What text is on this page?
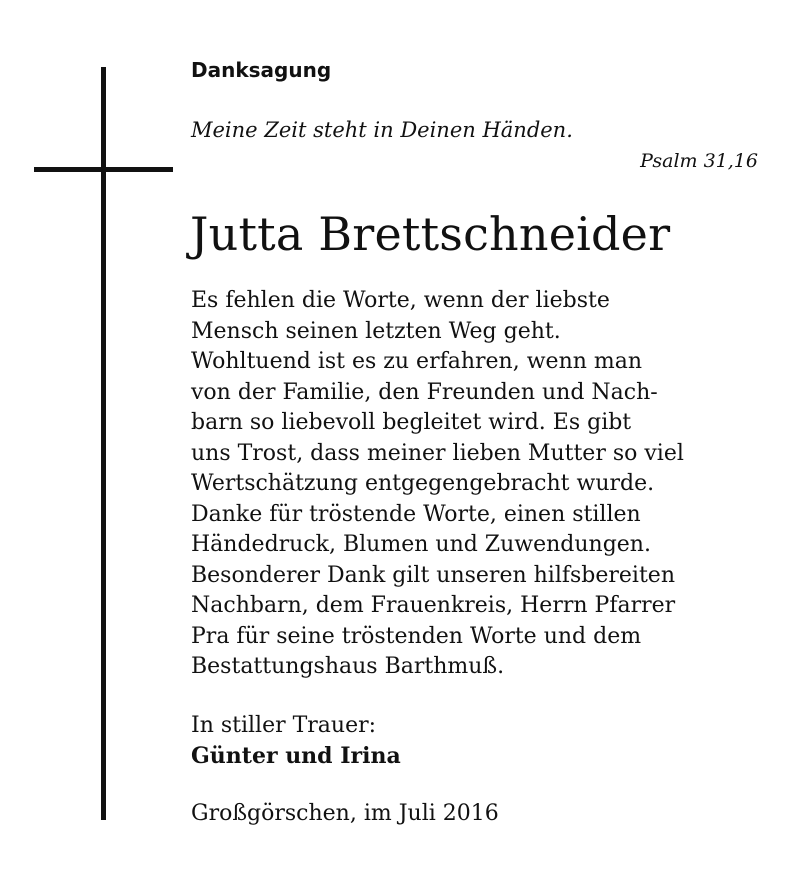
Danksagung
Meine Zeit steht in Deinen Händen.
Psalm 31,16
Jutta Brettschneider
Es fehlen die Worte, wenn der liebste
Mensch seinen letzten Weg geht.
Wohltuend ist es zu erfahren, wenn man
von der Familie, den Freunden und Nach-
barn so liebevoll begleitet wird. Es gibt
uns Trost, dass meiner lieben Mutter so viel
Wertschätzung entgegengebracht wurde.
Danke für tröstende Worte, einen stillen
Händedruck, Blumen und Zuwendungen.
Besonderer Dank gilt unseren hilfsbereiten
Nachbarn, dem Frauenkreis, Herrn Pfarrer
Pra für seine tröstenden Worte und dem
Bestattungshaus Barthmuß.
In stiller Trauer:
Günter und Irina
Großgörschen, im Juli 2016
